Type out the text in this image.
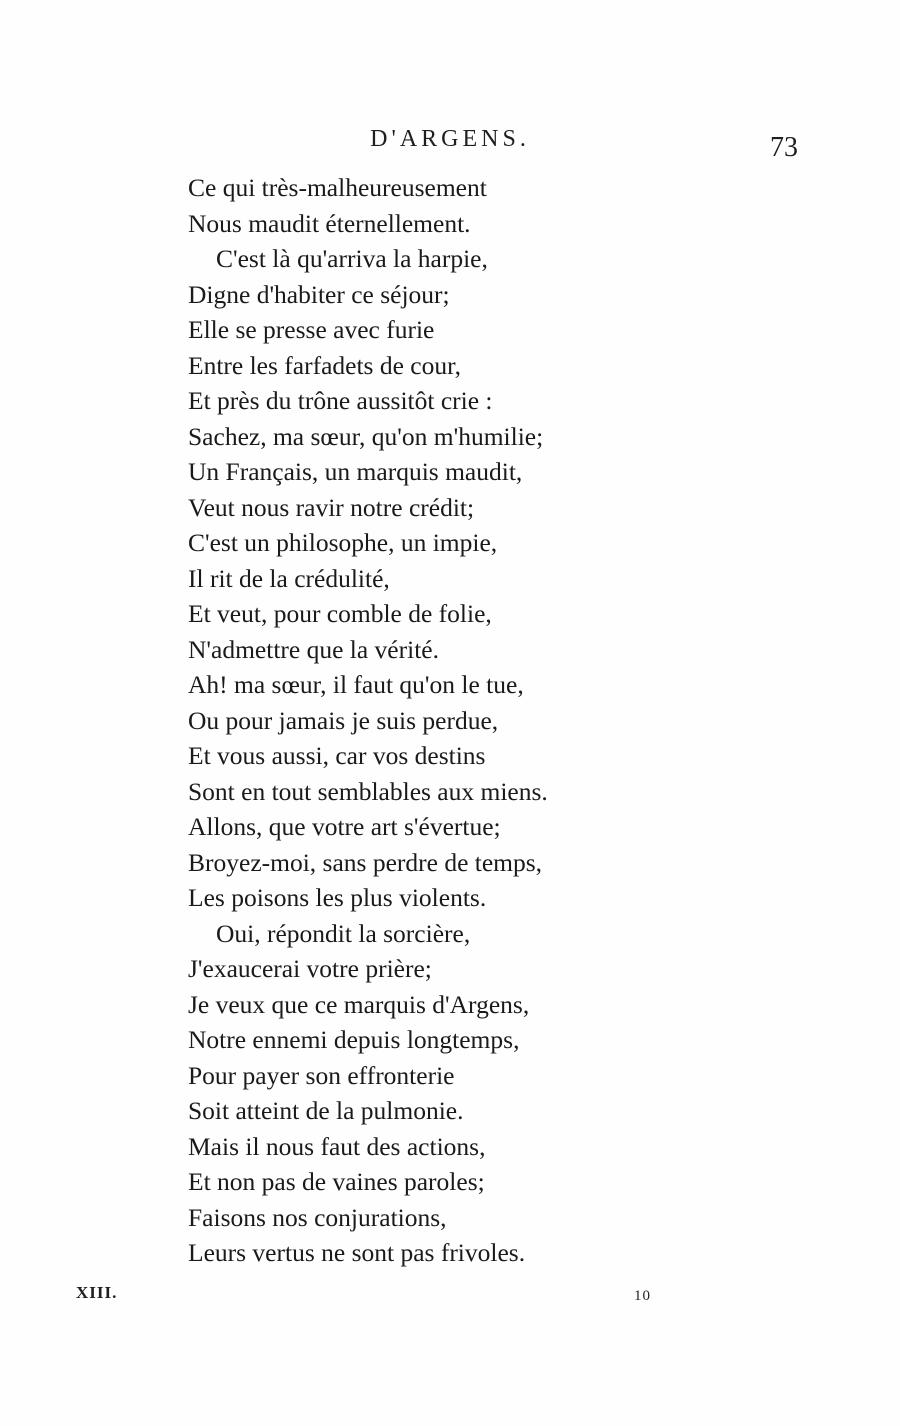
D'ARGENS.	73
Ce qui très-malheureusement
Nous maudit éternellement.
C'est là qu'arriva la harpie,
Digne d'habiter ce séjour;
Elle se presse avec furie
Entre les farfadets de cour,
Et près du trône aussitôt crie :
Sachez, ma sœur, qu'on m'humilie;
Un Français, un marquis maudit,
Veut nous ravir notre crédit;
C'est un philosophe, un impie,
Il rit de la crédulité,
Et veut, pour comble de folie,
N'admettre que la vérité.
Ah! ma sœur, il faut qu'on le tue,
Ou pour jamais je suis perdue,
Et vous aussi, car vos destins
Sont en tout semblables aux miens.
Allons, que votre art s'évertue;
Broyez-moi, sans perdre de temps,
Les poisons les plus violents.
Oui, répondit la sorcière,
J'exaucerai votre prière;
Je veux que ce marquis d'Argens,
Notre ennemi depuis longtemps,
Pour payer son effronterie
Soit atteint de la pulmonie.
Mais il nous faut des actions,
Et non pas de vaines paroles;
Faisons nos conjurations,
Leurs vertus ne sont pas frivoles.
XIII.	10
